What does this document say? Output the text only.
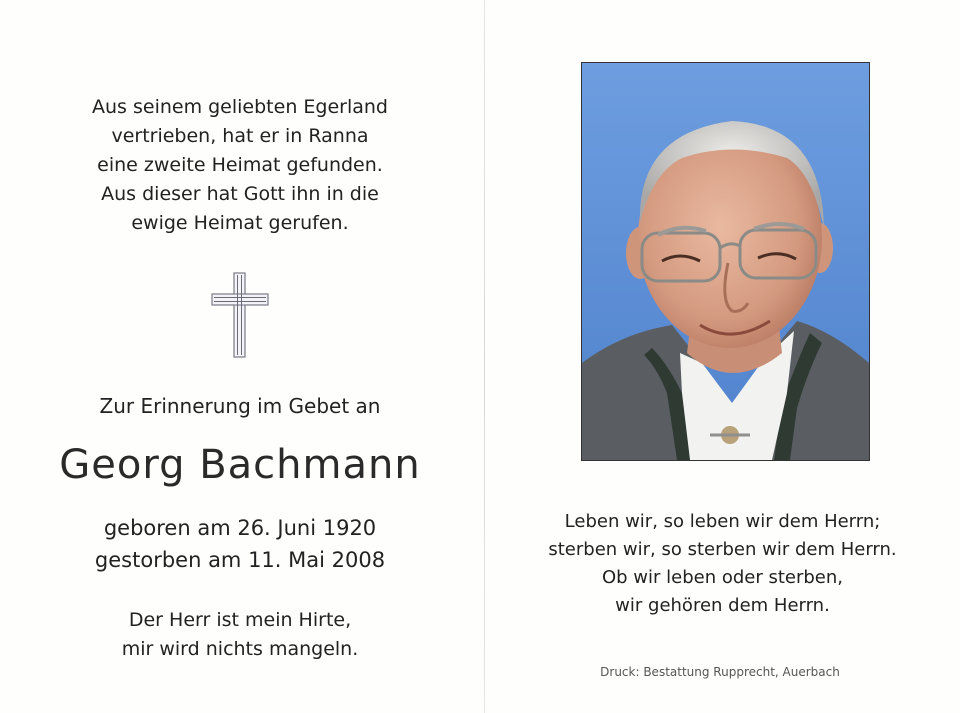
Aus seinem geliebten Egerland
vertrieben, hat er in Ranna
eine zweite Heimat gefunden.
Aus dieser hat Gott ihn in die
ewige Heimat gerufen.
Zur Erinnerung im Gebet an
Georg Bachmann
geboren am 26. Juni 1920
gestorben am 11. Mai 2008
Der Herr ist mein Hirte,
mir wird nichts mangeln.
Leben wir, so leben wir dem Herrn;
sterben wir, so sterben wir dem Herrn.
Ob wir leben oder sterben,
wir gehören dem Herrn.
Druck: Bestattung Rupprecht, Auerbach
